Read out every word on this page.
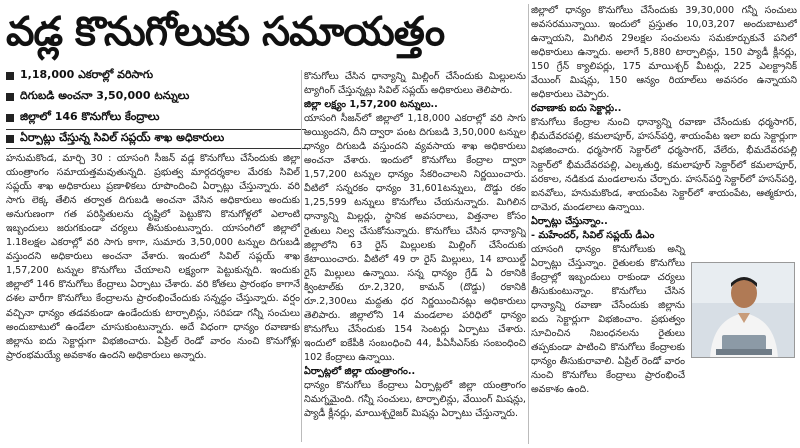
వడ్ల కొనుగోలుకు సమాయత్తం
1,18,000 ఎకరాల్లో వరిసాగు
దిగుబడి అంచనా 3,50,000 టన్నులు
జిల్లాలో 146 కొనుగోలు కేంద్రాలు
ఏర్పాట్లు చేస్తున్న సివిల్ సప్లయ్ శాఖ అధికారులు

హనుమకొండ, మార్చి 30 : యాసంగి సీజన్ వడ్ల కొనుగోలు చేసేందుకు జిల్లా యంత్రాంగం సమాయత్తమవుతున్నది. ప్రభుత్వ మార్గదర్శకాల మేరకు సివిల్ సప్లయ్ శాఖ అధికారులు ప్రణాళికలు రూపొందించి ఏర్పాట్లు చేస్తున్నారు. వరి సాగు లెక్క తేలిన తర్వాత దిగుబడి అంచనా వేసిన అధికారులు అందుకు అనుగుణంగా గత పరిస్థితులను దృష్టిలో పెట్టుకొని కొనుగోళ్లలో ఎలాంటి ఇబ్బందులు జరుగకుండా చర్యలు తీసుకుంటున్నారు. యాసంగిలో జిల్లాలో 1.18లక్షల ఎకరాల్లో వరి సాగు కాగా, సుమారు 3,50,000 టన్నుల దిగుబడి వస్తుందని అధికారులు అంచనా వేశారు. ఇందులో సివిల్ సప్లయ్ శాఖ 1,57,200 టన్నుల కొనుగోలు చేయాలని లక్ష్యంగా పెట్టుకున్నది. ఇందుకు జిల్లాలో 146 కొనుగోలు కేంద్రాలు ఏర్పాటు చేశారు. వరి కోతలు ప్రారంభం కాగానే దశల వారీగా కొనుగోలు కేంద్రాలను ప్రారంభించేందుకు సన్నద్ధం చేస్తున్నారు. వర్షం వచ్చినా ధాన్యం తడవకుండా ఉండేందుకు టార్పాలిన్లు, సరిపడా గన్నీ సంచులు అందుబాటులో ఉండేలా చూసుకుంటున్నారు. అదే విధంగా ధాన్యం రవాణాకు జిల్లాను ఐదు సెక్టార్లుగా విభజించారు. ఏప్రిల్ రెండో వారం నుంచి కొనుగోళ్లు ప్రారంభమయ్యే అవకాశం ఉందని అధికారులు అన్నారు.

కొనుగోలు చేసిన ధాన్యాన్ని మిల్లింగ్ చేసేందుకు మిల్లులను ట్యాగింగ్ చేస్తున్నట్లు సివిల్ సప్లయ్ అధికారులు తెలిపారు.

జిల్లా లక్ష్యం 1,57,200 టన్నులు..

యాసంగి సీజన్‌లో జిల్లాలో 1,18,000 ఎకరాల్లో వరి సాగు అయ్యిందని, దీని ద్వారా పంట దిగుబడి 3,50,000 టన్నుల ధాన్యం దిగుబడి వస్తుందని వ్యవసాయ శాఖ అధికారులు అంచనా వేశారు. ఇందులో కొనుగోలు కేంద్రాల ద్వారా 1,57,200 టన్నుల ధాన్యం సేకరించాలని నిర్ణయించారు. వీటిలో సన్నరకం ధాన్యం 31,601టన్నులు, దొడ్డు రకం 1,25,599 టన్నులు కొనుగోలు చేయనున్నారు. మిగిలిన ధాన్యాన్ని మిల్లర్లు, స్థానిక అవసరాలు, విత్తనాల కోసం రైతులు నిల్వ చేసుకోనున్నారు. కొనుగోలు చేసిన ధాన్యాన్ని జిల్లాలోని 63 రైస్ మిల్లులకు మిల్లింగ్ చేసేందుకు కేటాయించారు. వీటిలో 49 రా రైస్ మిల్లులు, 14 బాయిల్డ్ రైస్ మిల్లులు ఉన్నాయి. సన్న ధాన్యం గ్రేడ్ ఏ రకానికి క్వింటాల్‌కు రూ.2,320, కామన్ (దొడ్డు) రకానికి రూ.2,300లు మద్దతు ధర నిర్ణయించినట్లు అధికారులు తెలిపారు. జిల్లాలోని 14 మండలాల పరిధిలో ధాన్యం కొనుగోలు చేసేందుకు 154 సెంటర్లు ఏర్పాటు చేశారు. ఇందులో ఐకేపీకి సంబంధించి 44, పీఏసీఎస్‌కు సంబంధించి 102 కేంద్రాలు ఉన్నాయి.

ఏర్పాట్లలో జిల్లా యంత్రాంగం..

ధాన్యం కొనుగోలు కేంద్రాలు ఏర్పాట్లలో జిల్లా యంత్రాంగం నిమగ్నమైంది. గన్నీ సంచులు, టార్పాలిన్లు, వేయింగ్ మిషన్లు, ప్యాడీ క్లీనర్లు, మాయిశ్చరైజర్ మిషన్లు ఏర్పాటు చేస్తున్నారు.

జిల్లాలో ధాన్యం కొనుగోలు చేసేందుకు 39,30,000 గన్నీ సంచులు అవసరమున్నాయి. ఇందులో ప్రస్తుతం 10,03,207 అందుబాటులో ఉన్నాయని, మిగిలిన 29లక్షల సంచులను సమకూర్చుకునే పనిలో అధికారులు ఉన్నారు. అలాగే 5,880 టార్పాలిన్లు, 150 ప్యాడీ క్లీనర్లు, 150 గ్రేన్ క్యాలిపర్లు, 175 మాయిశ్చర్ మీటర్లు, 225 ఎలక్ట్రానిక్ వేయింగ్ మిషన్లు, 150 ఆన్యం రియాల్‌లు అవసరం ఉన్నాయని అధికారులు చెప్పారు.

రవాణాకు ఐదు సెక్టార్లు..

కొనుగోలు కేంద్రాల నుంచి ధాన్యాన్ని రవాణా చేసేందుకు ధర్మసాగర్, భీమదేవరపల్లి, కమలాపూర్, హసన్‌పర్తి, శాయంపేట ఇలా ఐదు సెక్టార్లుగా విభజించారు. ధర్మసాగర్ సెక్టార్‌లో ధర్మసాగర్, వేలేరు, భీమదేవరపల్లి సెక్టార్‌లో భీమదేవరపల్లి, ఎల్కతుర్తి, కమలాపూర్ సెక్టార్‌లో కమలాపూర్, పరకాల, నడికుడ మండలాలను చేర్చారు. హసన్‌పర్తి సెక్టార్‌లో హసన్‌పర్తి, ఐనవోలు, హనుమకొండ, శాయంపేట సెక్టార్‌లో శాయంపేట, ఆత్మకూరు, దామెర, మండలాలు ఉన్నాయి.

ఏర్పాట్లు చేస్తున్నాం..

- మహేందర్, సివిల్ సప్లయ్ డీఎం

యాసంగి ధాన్యం కొనుగోలుకు అన్ని ఏర్పాట్లు చేస్తున్నాం. రైతులకు కొనుగోలు కేంద్రాల్లో ఇబ్బందులు రాకుండా చర్యలు తీసుకుంటున్నాం. కొనుగోలు చేసిన ధాన్యాన్ని రవాణా చేసేందుకు జిల్లాను ఐదు సెక్టార్లుగా విభజించాం. ప్రభుత్వం సూచించిన నిబంధనలను రైతులు తప్పకుండా పాటించి కొనుగోలు కేంద్రాలకు ధాన్యం తీసుకురావాలి. ఏప్రిల్ రెండో వారం నుంచి కొనుగోలు కేంద్రాలు ప్రారంభించే అవకాశం ఉంది.
